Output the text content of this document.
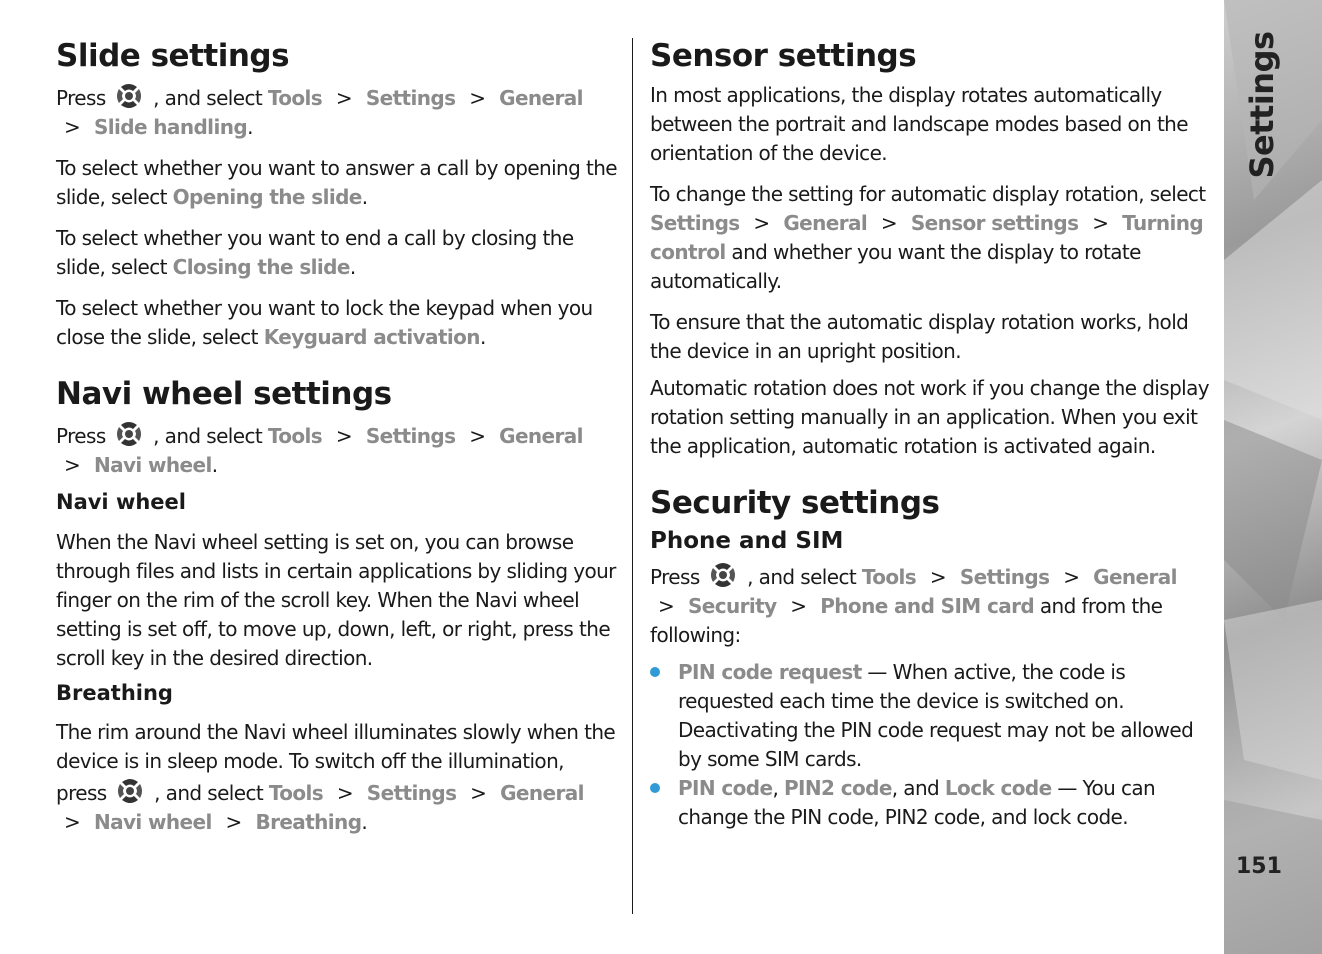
Slide settings

Press , and select Tools > Settings > General > Slide handling.

To select whether you want to answer a call by opening the slide, select Opening the slide.

To select whether you want to end a call by closing the slide, select Closing the slide.

To select whether you want to lock the keypad when you close the slide, select Keyguard activation.

Navi wheel settings

Press , and select Tools > Settings > General > Navi wheel.

Navi wheel

When the Navi wheel setting is set on, you can browse through files and lists in certain applications by sliding your finger on the rim of the scroll key. When the Navi wheel setting is set off, to move up, down, left, or right, press the scroll key in the desired direction.

Breathing

The rim around the Navi wheel illuminates slowly when the device is in sleep mode. To switch off the illumination, press , and select Tools > Settings > General > Navi wheel > Breathing.

Sensor settings

In most applications, the display rotates automatically between the portrait and landscape modes based on the orientation of the device.

To change the setting for automatic display rotation, select Settings > General > Sensor settings > Turning control and whether you want the display to rotate automatically.

To ensure that the automatic display rotation works, hold the device in an upright position.

Automatic rotation does not work if you change the display rotation setting manually in an application. When you exit the application, automatic rotation is activated again.

Security settings
Phone and SIM

Press , and select Tools > Settings > General > Security > Phone and SIM card and from the following:

PIN code request — When active, the code is requested each time the device is switched on. Deactivating the PIN code request may not be allowed by some SIM cards.
PIN code, PIN2 code, and Lock code — You can change the PIN code, PIN2 code, and lock code.
Settings
151
